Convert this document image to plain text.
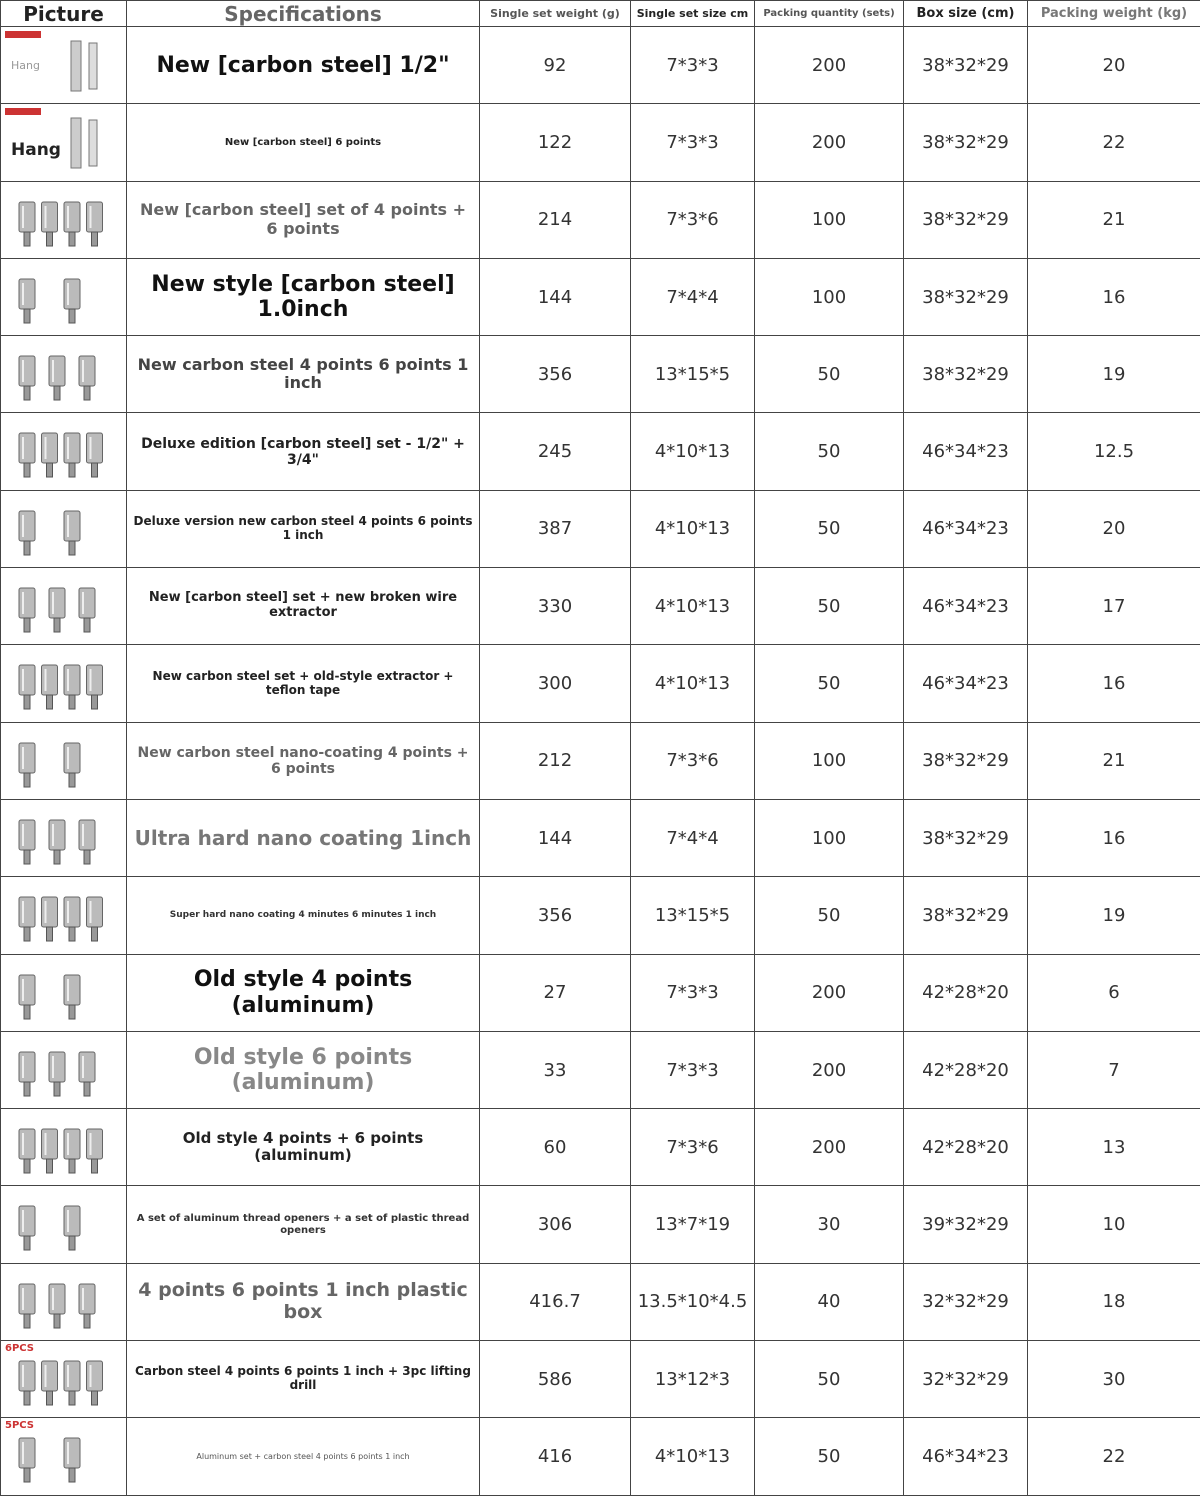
Picture	Specifications	Single set weight (g)	Single set size cm	Packing quantity (sets)	Box size (cm)	Packing weight (kg)

Hang	New [carbon steel] 1/2"	92	7*3*3	200	38*32*29	20

Hang	New [carbon steel] 6 points	122	7*3*3	200	38*32*29	22

	New [carbon steel] set of 4 points + 6 points	214	7*3*6	100	38*32*29	21

	New style [carbon steel] 1.0inch	144	7*4*4	100	38*32*29	16

	New carbon steel 4 points 6 points 1 inch	356	13*15*5	50	38*32*29	19

	Deluxe edition [carbon steel] set - 1/2" + 3/4"	245	4*10*13	50	46*34*23	12.5

	Deluxe version new carbon steel 4 points 6 points 1 inch	387	4*10*13	50	46*34*23	20

	New [carbon steel] set + new broken wire extractor	330	4*10*13	50	46*34*23	17

	New carbon steel set + old-style extractor + teflon tape	300	4*10*13	50	46*34*23	16

	New carbon steel nano-coating 4 points + 6 points	212	7*3*6	100	38*32*29	21

	Ultra hard nano coating 1inch	144	7*4*4	100	38*32*29	16

	Super hard nano coating 4 minutes 6 minutes 1 inch	356	13*15*5	50	38*32*29	19

	Old style 4 points (aluminum)	27	7*3*3	200	42*28*20	6

	Old style 6 points (aluminum)	33	7*3*3	200	42*28*20	7

	Old style 4 points + 6 points (aluminum)	60	7*3*6	200	42*28*20	13

	A set of aluminum thread openers + a set of plastic thread openers	306	13*7*19	30	39*32*29	10

	4 points 6 points 1 inch plastic box	416.7	13.5*10*4.5	40	32*32*29	18

6PCS	Carbon steel 4 points 6 points 1 inch + 3pc lifting drill	586	13*12*3	50	32*32*29	30

5PCS	Aluminum set + carbon steel 4 points 6 points 1 inch	416	4*10*13	50	46*34*23	22
